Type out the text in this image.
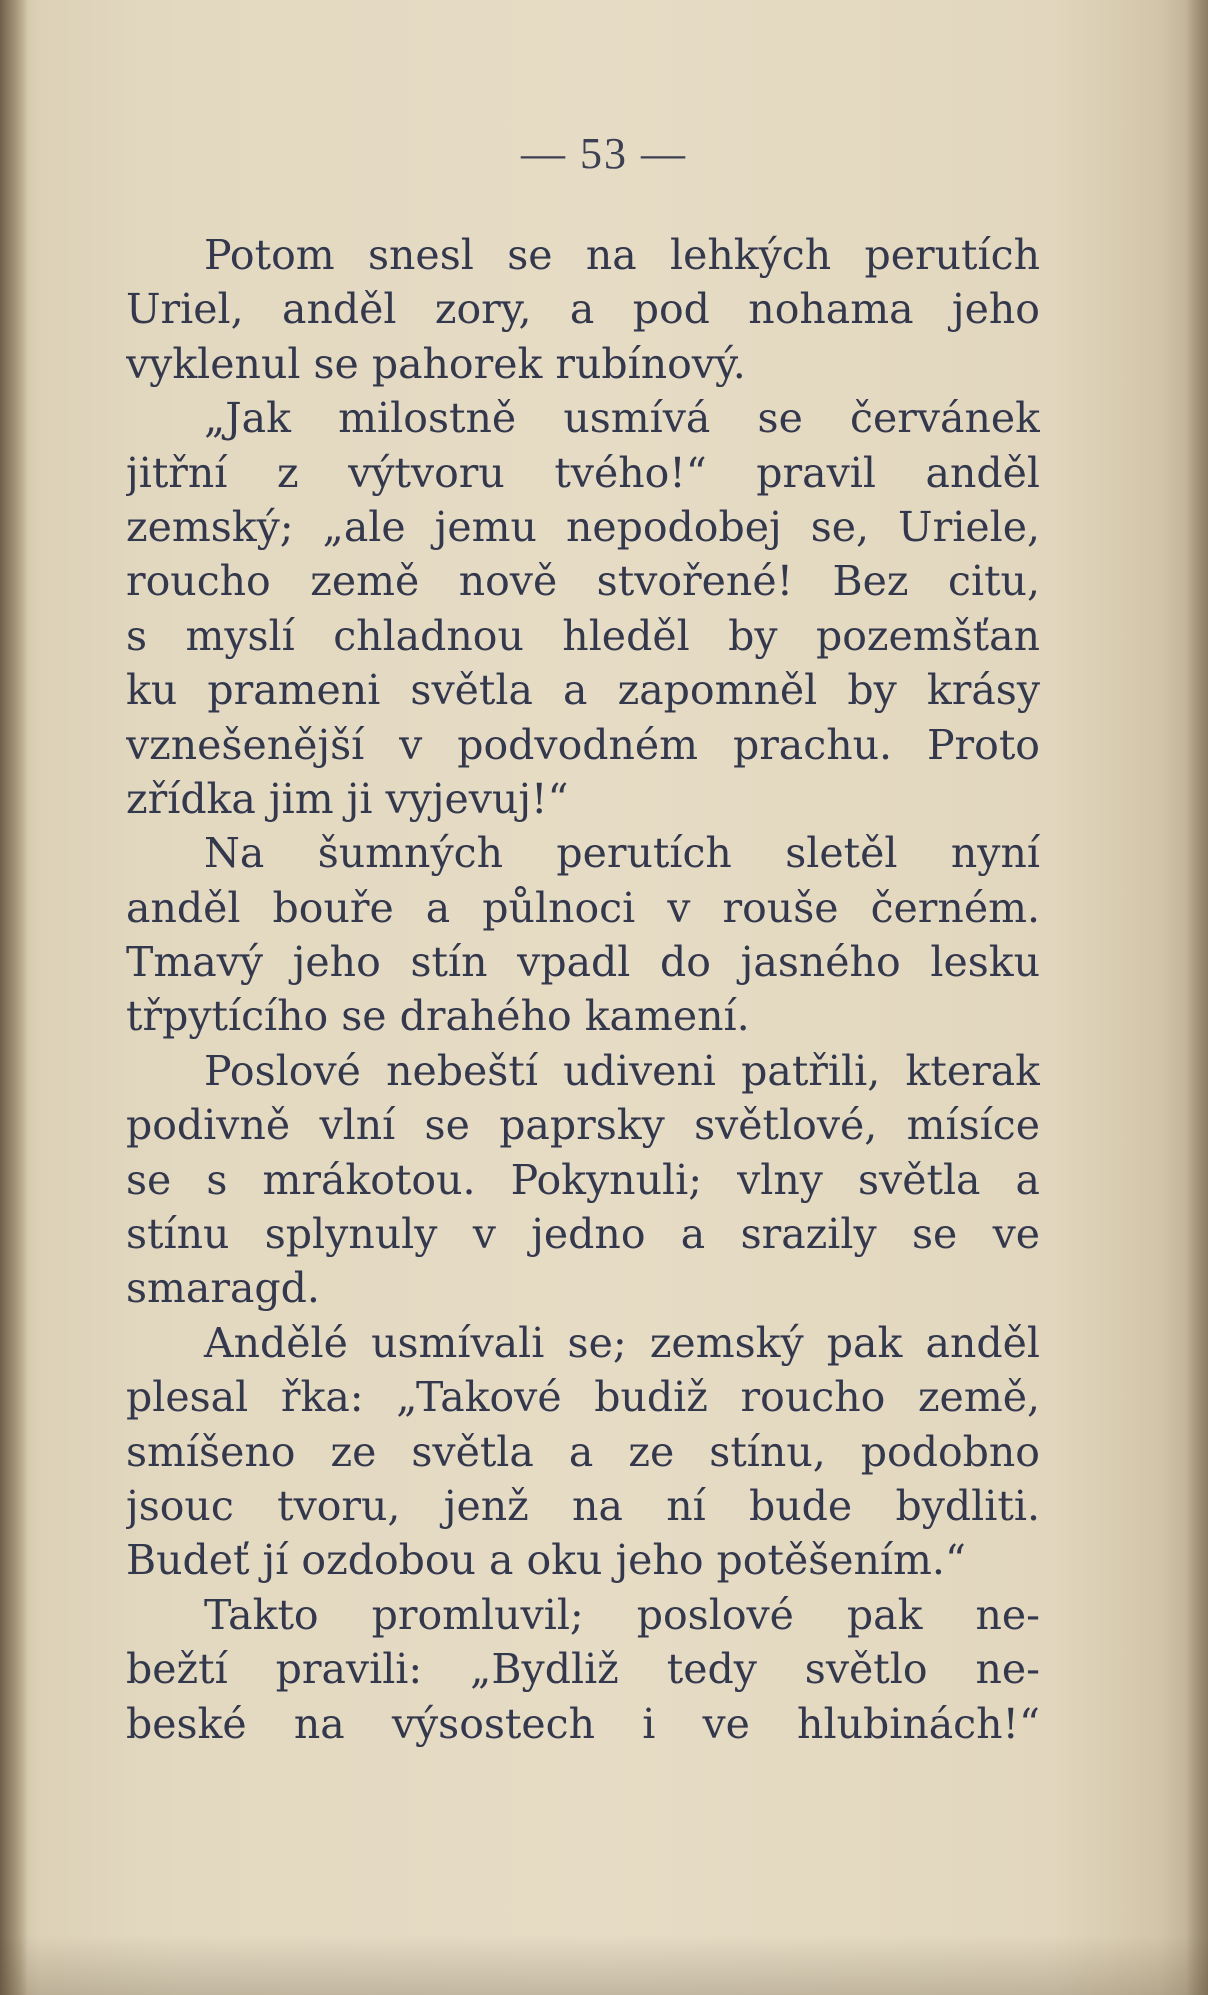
— 53 —
Potom snesl se na lehkých perutích
Uriel, anděl zory, a pod nohama jeho
vyklenul se pahorek rubínový.
„Jak milostně usmívá se červánek
jitřní z výtvoru tvého!“ pravil anděl
zemský; „ale jemu nepodobej se, Uriele,
roucho země nově stvořené! Bez citu,
s myslí chladnou hleděl by pozemšťan
ku prameni světla a zapomněl by krásy
vznešenější v podvodném prachu. Proto
zřídka jim ji vyjevuj!“
Na šumných perutích sletěl nyní
anděl bouře a půlnoci v rouše černém.
Tmavý jeho stín vpadl do jasného lesku
třpytícího se drahého kamení.
Poslové nebeští udiveni patřili, kterak
podivně vlní se paprsky světlové, mísíce
se s mrákotou. Pokynuli; vlny světla a
stínu splynuly v jedno a srazily se ve
smaragd.
Andělé usmívali se; zemský pak anděl
plesal řka: „Takové budiž roucho země,
smíšeno ze světla a ze stínu, podobno
jsouc tvoru, jenž na ní bude bydliti.
Budeť jí ozdobou a oku jeho potěšením.“
Takto promluvil; poslové pak ne-
bežtí pravili: „Bydliž tedy světlo ne-
beské na výsostech i ve hlubinách!“
